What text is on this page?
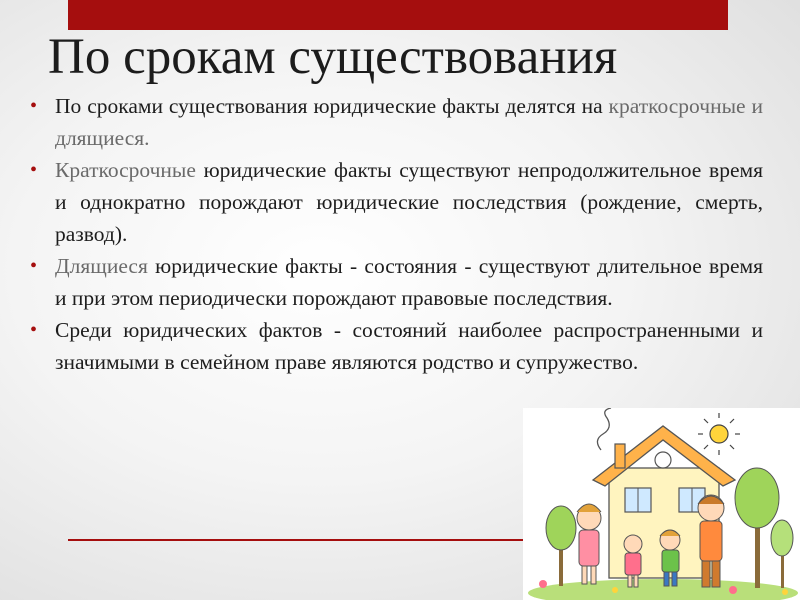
По срокам существования
• По сроками существования юридические факты делятся на краткосрочные и длящиеся.
• Краткосрочные юридические факты существуют непродолжительное время и однократно порождают юридические последствия (рождение, смерть, развод).
• Длящиеся юридические факты - состояния - существуют длительное время и при этом периодически порождают правовые последствия.
• Среди юридических фактов - состояний наиболее распространенными и значимыми в семейном праве являются родство и супружество.
